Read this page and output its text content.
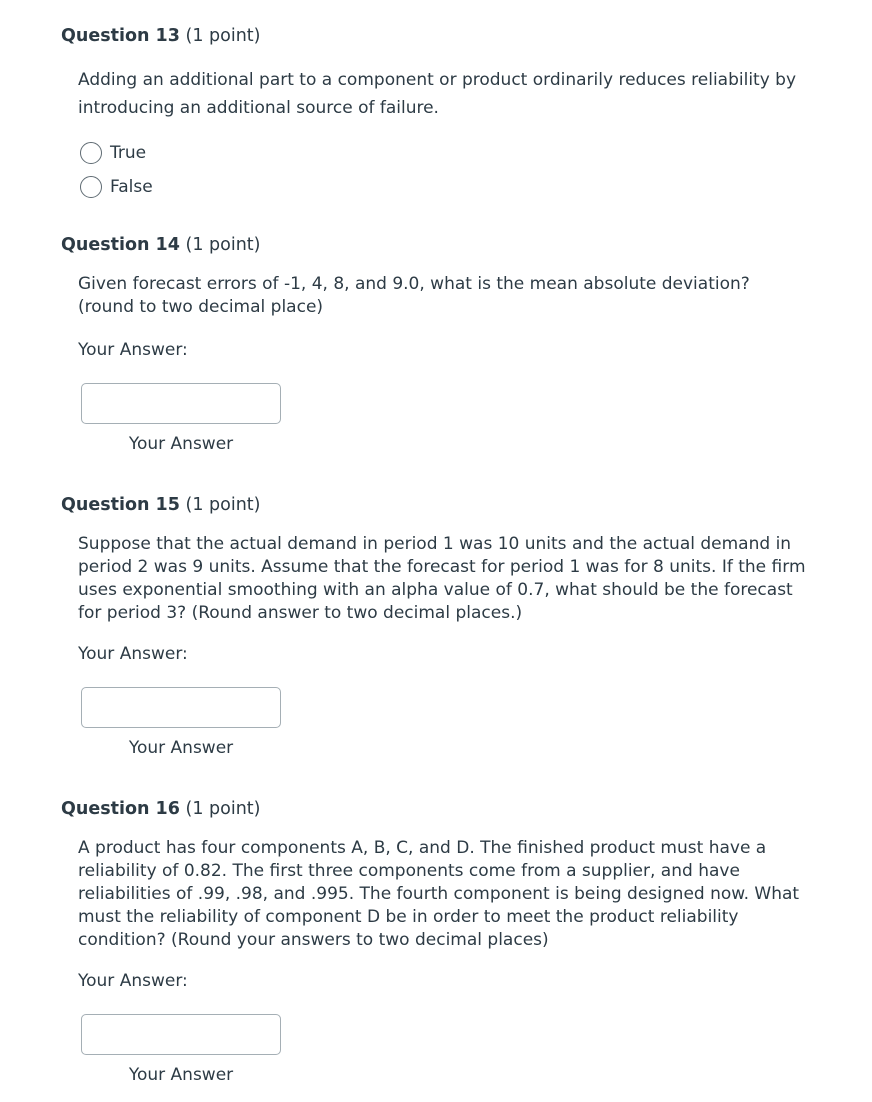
Question 13 (1 point)
Adding an additional part to a component or product ordinarily reduces reliability by introducing an additional source of failure.
True
False
Question 14 (1 point)
Given forecast errors of -1, 4, 8, and 9.0, what is the mean absolute deviation? (round to two decimal place)
Your Answer:
Your Answer
Question 15 (1 point)
Suppose that the actual demand in period 1 was 10 units and the actual demand in period 2 was 9 units. Assume that the forecast for period 1 was for 8 units. If the firm uses exponential smoothing with an alpha value of 0.7, what should be the forecast for period 3? (Round answer to two decimal places.)
Your Answer:
Your Answer
Question 16 (1 point)
A product has four components A, B, C, and D. The finished product must have a reliability of 0.82. The first three components come from a supplier, and have reliabilities of .99, .98, and .995. The fourth component is being designed now. What must the reliability of component D be in order to meet the product reliability condition? (Round your answers to two decimal places)
Your Answer:
Your Answer
